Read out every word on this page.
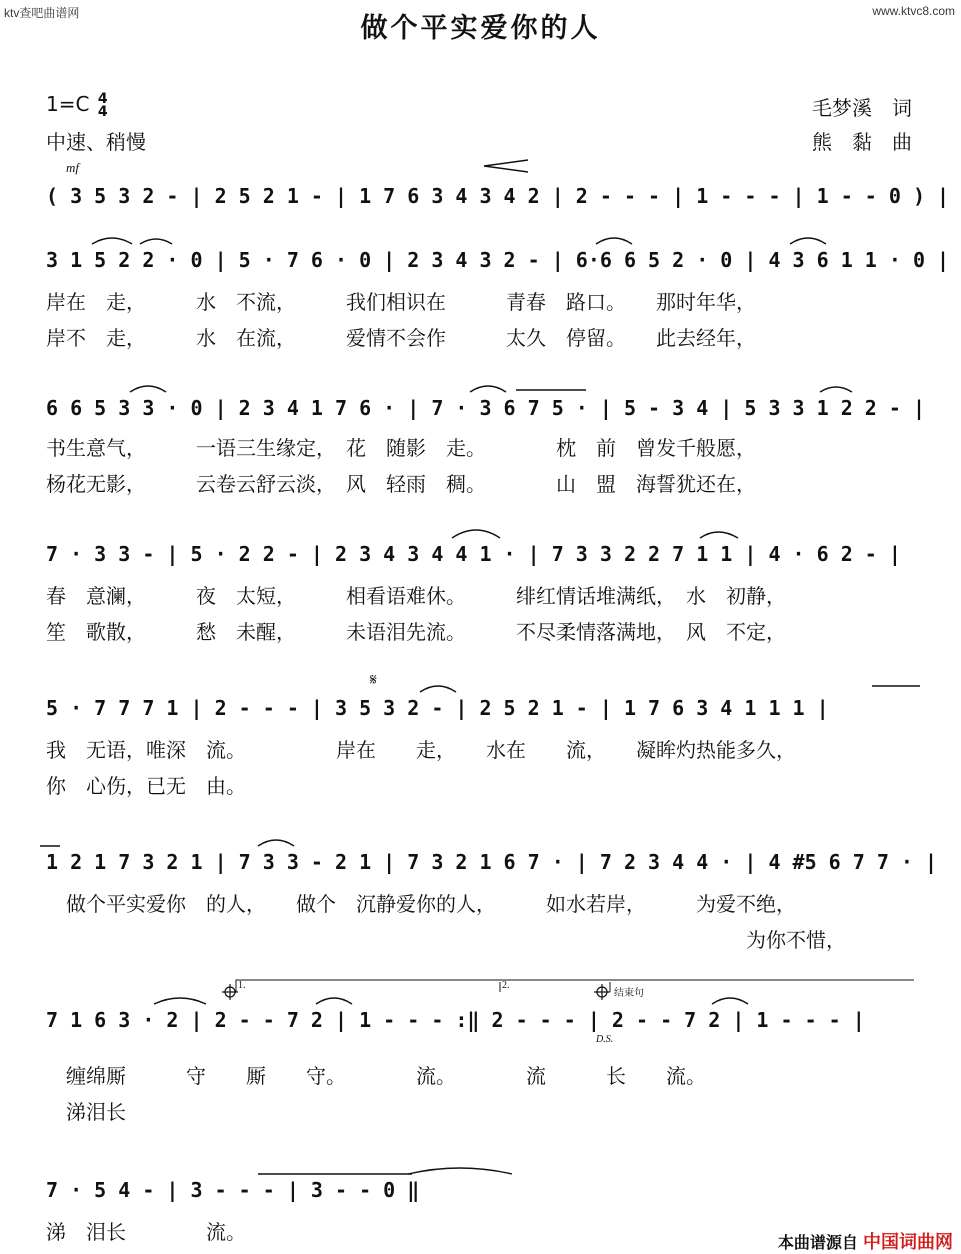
ktv查吧曲谱网	www.ktvc8.com
做个平实爱你的人
1=C 4
4
中速、稍慢
毛梦溪　词
熊　黏　曲
mf
( 3 5 3 2 - | 2 5 2 1 - | 1 7 6 3 4 3 4 2 | 2 - - - | 1 - - - | 1 - - 0 ) |
3 1 5 2 2 · 0 | 5 · 7 6 · 0 | 2 3 4 3 2 - | 6·6 6 5 2 · 0 | 4 3 6 1 1 · 0 |
岸在　走，　　　水　不流，　　　我们相识在　　　青春　路口。　　那时年华，
岸不　走，　　　水　在流，　　　爱情不会作　　　太久　停留。　　此去经年，
6 6 5 3 3 · 0 | 2 3 4 1 7 6 · | 7 · 3 6 7 5 · | 5 - 3 4 | 5 3 3 1 2 2 - |
书生意气，　　　一语三生缘定，　花　随影　走。　　　　枕　前　曾发千般愿，
杨花无影，　　　云卷云舒云淡，　风　轻雨　稠。　　　　山　盟　海誓犹还在，
7 · 3 3 - | 5 · 2 2 - | 2 3 4 3 4 4 1 · | 7 3 3 2 2 7 1 1 | 4 · 6 2 - |
春　意澜，　　　夜　太短，　　　相看语难休。　　　绯红情话堆满纸，　水　初静，
笙　歌散，　　　愁　未醒，　　　未语泪先流。　　　不尽柔情落满地，　风　不定，
𝄋
5 · 7 7 7 1 | 2 - - - | 3 5 3 2 - | 2 5 2 1 - | 1 7 6 3 4 1 1 1 |
我　无语，唯深　流。　　　　　岸在　　走，　　水在　　流，　　凝眸灼热能多久，
你　心伤，已无　由。
1 2 1 7 3 2 1 | 7 3 3 - 2 1 | 7 3 2 1 6 7 · | 7 2 3 4 4 · | 4 #5 6 7 7 · |
　做个平实爱你　的人，　　做个　沉静爱你的人，　　　如水若岸，　　　为爱不绝，
　　　　　　　　　　　　　　　　　　　　　　　　　　　　　　　　　　　为你不惜，
1.	2.
结束句
D.S.
7 1 6 3 · 2 | 2 - - 7 2 | 1 - - - :‖ 2 - - - | 2 - - 7 2 | 1 - - - |
　缠绵厮　　　守　　厮　　守。　　　　流。　　　　流　　　长　　流。
　涕泪长
7 · 5 4 - | 3 - - - | 3 - - 0 ‖
涕　泪长　　　　流。	本曲谱源自 中国词曲网
